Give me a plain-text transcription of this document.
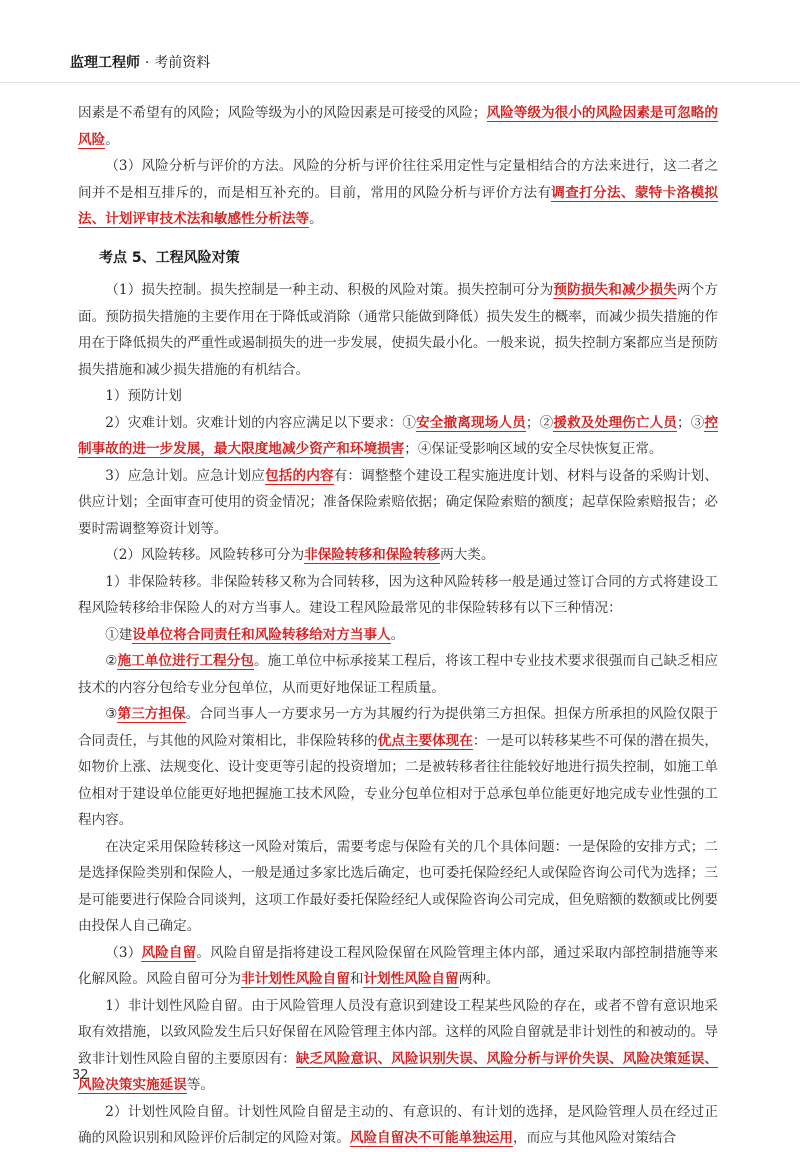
监理工程师 · 考前资料

因素是不希望有的风险；风险等级为小的风险因素是可接受的风险；风险等级为很小的风险因素是可忽略的风险。

（3）风险分析与评价的方法。风险的分析与评价往往采用定性与定量相结合的方法来进行，这二者之间并不是相互排斥的，而是相互补充的。目前，常用的风险分析与评价方法有调查打分法、蒙特卡洛模拟法、计划评审技术法和敏感性分析法等。

考点 5、工程风险对策

（1）损失控制。损失控制是一种主动、积极的风险对策。损失控制可分为预防损失和减少损失两个方面。预防损失措施的主要作用在于降低或消除（通常只能做到降低）损失发生的概率，而减少损失措施的作用在于降低损失的严重性或遏制损失的进一步发展，使损失最小化。一般来说，损失控制方案都应当是预防损失措施和减少损失措施的有机结合。

1）预防计划

2）灾难计划。灾难计划的内容应满足以下要求：①安全撤离现场人员；②援救及处理伤亡人员；③控制事故的进一步发展，最大限度地减少资产和环境损害；④保证受影响区域的安全尽快恢复正常。

3）应急计划。应急计划应包括的内容有：调整整个建设工程实施进度计划、材料与设备的采购计划、供应计划；全面审查可使用的资金情况；准备保险索赔依据；确定保险索赔的额度；起草保险索赔报告；必要时需调整筹资计划等。

（2）风险转移。风险转移可分为非保险转移和保险转移两大类。

1）非保险转移。非保险转移又称为合同转移，因为这种风险转移一般是通过签订合同的方式将建设工程风险转移给非保险人的对方当事人。建设工程风险最常见的非保险转移有以下三种情况：

①建设单位将合同责任和风险转移给对方当事人。

②施工单位进行工程分包。施工单位中标承接某工程后，将该工程中专业技术要求很强而自己缺乏相应技术的内容分包给专业分包单位，从而更好地保证工程质量。

③第三方担保。合同当事人一方要求另一方为其履约行为提供第三方担保。担保方所承担的风险仅限于合同责任，与其他的风险对策相比，非保险转移的优点主要体现在：一是可以转移某些不可保的潜在损失，如物价上涨、法规变化、设计变更等引起的投资增加；二是被转移者往往能较好地进行损失控制，如施工单位相对于建设单位能更好地把握施工技术风险，专业分包单位相对于总承包单位能更好地完成专业性强的工程内容。

在决定采用保险转移这一风险对策后，需要考虑与保险有关的几个具体问题：一是保险的安排方式；二是选择保险类别和保险人，一般是通过多家比选后确定，也可委托保险经纪人或保险咨询公司代为选择；三是可能要进行保险合同谈判，这项工作最好委托保险经纪人或保险咨询公司完成，但免赔额的数额或比例要由投保人自己确定。

（3）风险自留。风险自留是指将建设工程风险保留在风险管理主体内部，通过采取内部控制措施等来化解风险。风险自留可分为非计划性风险自留和计划性风险自留两种。

1）非计划性风险自留。由于风险管理人员没有意识到建设工程某些风险的存在，或者不曾有意识地采取有效措施，以致风险发生后只好保留在风险管理主体内部。这样的风险自留就是非计划性的和被动的。导致非计划性风险自留的主要原因有：缺乏风险意识、风险识别失误、风险分析与评价失误、风险决策延误、风险决策实施延误等。

2）计划性风险自留。计划性风险自留是主动的、有意识的、有计划的选择，是风险管理人员在经过正确的风险识别和风险评价后制定的风险对策。风险自留决不可能单独运用，而应与其他风险对策结合

32
